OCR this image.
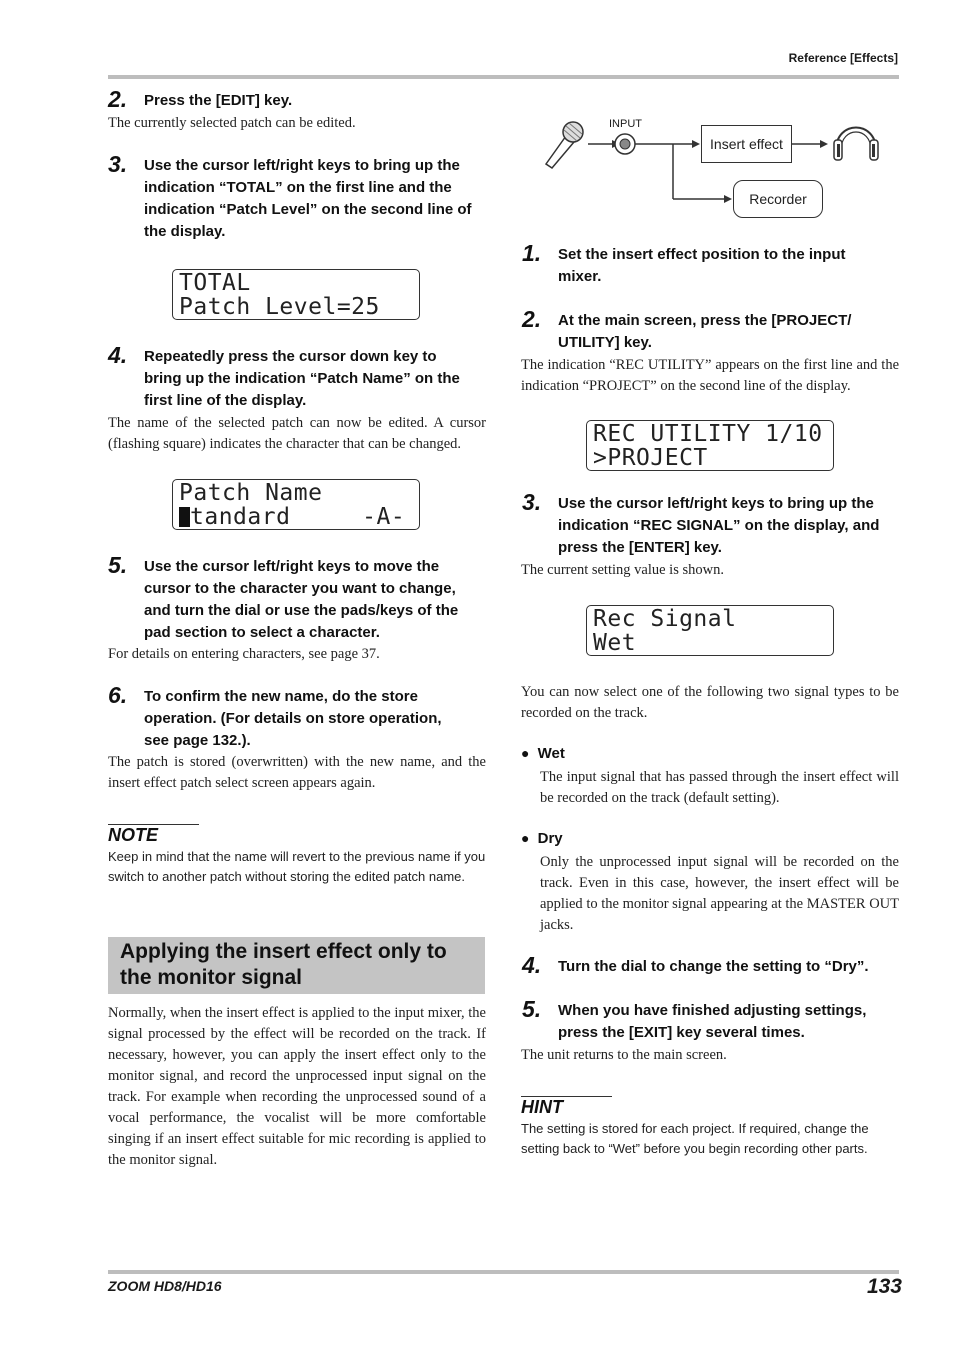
Reference [Effects]
2. Press the [EDIT] key.
The currently selected patch can be edited.
3. Use the cursor left/right keys to bring up the
indication “TOTAL” on the first line and the
indication “Patch Level” on the second line of
the display.
TOTAL
Patch Level=25
4. Repeatedly press the cursor down key to
bring up the indication “Patch Name” on the
first line of the display.
The name of the selected patch can now be edited. A cursor (flashing square) indicates the character that can be changed.
Patch Name
tandard     -A-
5. Use the cursor left/right keys to move the
cursor to the character you want to change,
and turn the dial or use the pads/keys of the
pad section to select a character.
For details on entering characters, see page 37.
6. To confirm the new name, do the store
operation. (For details on store operation,
see page 132.).
The patch is stored (overwritten) with the new name, and the insert effect patch select screen appears again.
NOTE
Keep in mind that the name will revert to the previous name if you switch to another patch without storing the edited patch name.
Applying the insert effect only to
the monitor signal
Normally, when the insert effect is applied to the input mixer, the signal processed by the effect will be recorded on the track. If necessary, however, you can apply the insert effect only to the monitor signal, and record the unprocessed input signal on the track. For example when recording the unprocessed sound of a vocal performance, the vocalist will be more comfortable singing if an insert effect suitable for mic recording is applied to the monitor signal.
INPUT
Insert effect
Recorder
1. Set the insert effect position to the input
mixer.
2. At the main screen, press the [PROJECT/
UTILITY] key.
The indication “REC UTILITY” appears on the first line and the indication “PROJECT” on the second line of the display.
REC UTILITY 1/10
>PROJECT
3. Use the cursor left/right keys to bring up the
indication “REC SIGNAL” on the display, and
press the [ENTER] key.
The current setting value is shown.
Rec Signal
Wet
You can now select one of the following two signal types to be recorded on the track.
● Wet
The input signal that has passed through the insert effect will be recorded on the track (default setting).
● Dry
Only the unprocessed input signal will be recorded on the track. Even in this case, however, the insert effect will be applied to the monitor signal appearing at the MASTER OUT jacks.
4. Turn the dial to change the setting to “Dry”.
5. When you have finished adjusting settings,
press the [EXIT] key several times.
The unit returns to the main screen.
HINT
The setting is stored for each project. If required, change the setting back to “Wet” before you begin recording other parts.
ZOOM HD8/HD16	133
